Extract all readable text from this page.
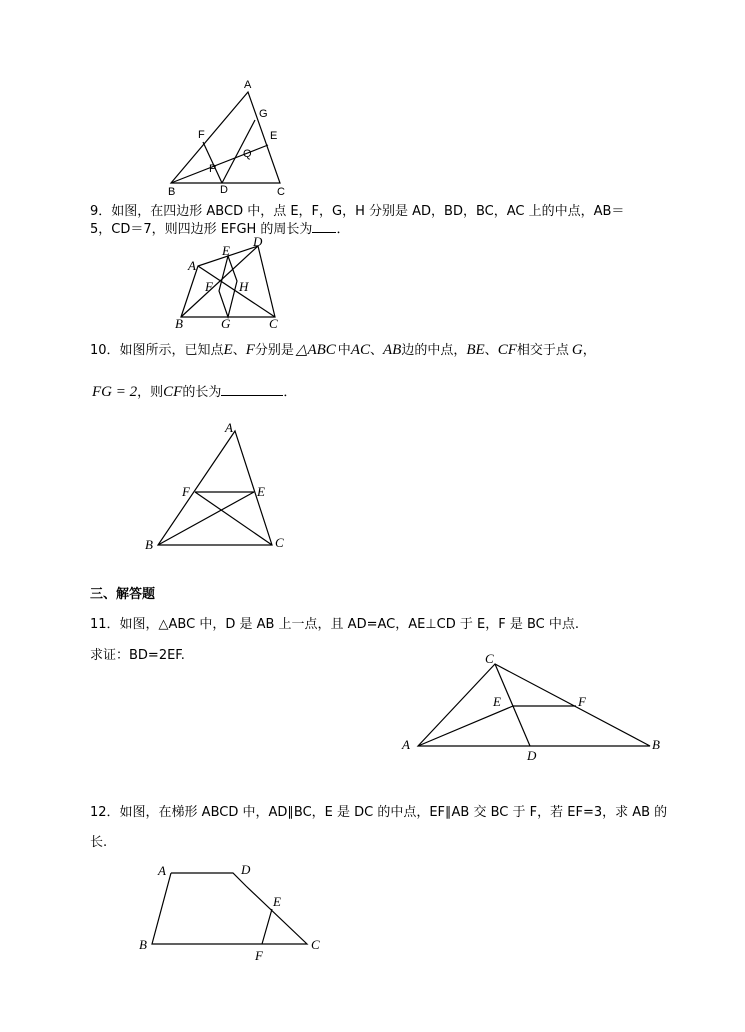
A
F
G
E
Q
P
B	D	C
9．如图，在四边形 ABCD 中，点 E，F，G，H 分别是 AD，BD，BC，AC 上的中点，AB＝
5，CD＝7，则四边形 EFGH 的周长为 ．
A
E
D
F H
B	G	C
10．如图所示，已知点E、F分别是 △ABC 中AC、AB边的中点，BE、CF相交于点 G，
FG = 2，则CF的长为	．
A
F	E
B	C
三、解答题
11．如图，△ABC 中，D 是 AB 上一点，且 AD=AC，AE⊥CD 于 E，F 是 BC 中点.
求证：BD=2EF.	C
E	F
A
D
B
12．如图，在梯形 ABCD 中，AD∥BC，E 是 DC 的中点，EF∥AB 交 BC 于 F，若 EF=3，求 AB 的
长.
A	D
E
B
F
C
